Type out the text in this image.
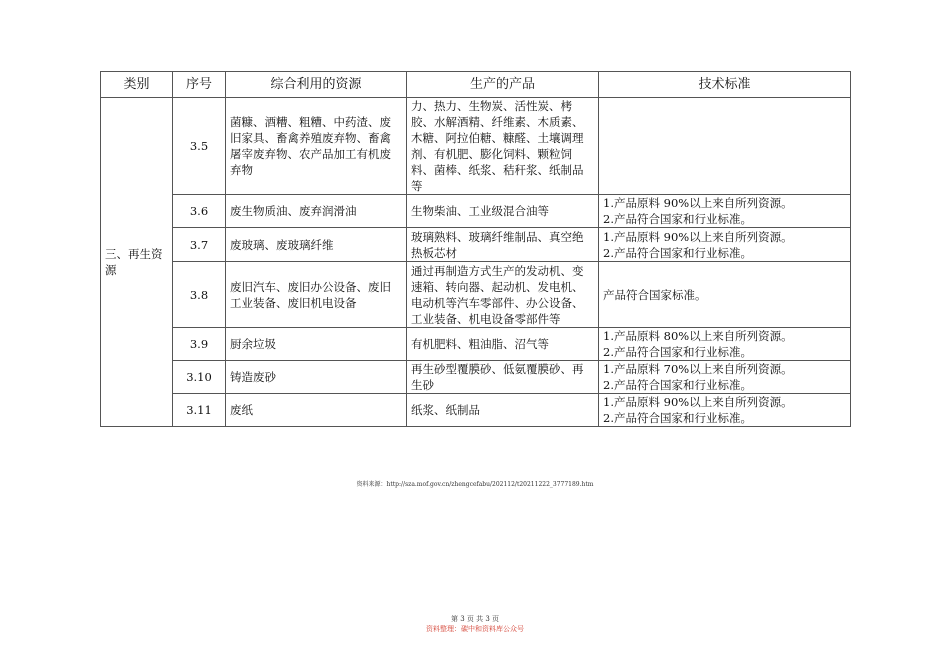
类别	序号	综合利用的资源	生产的产品	技术标准
三、再生资源	3.5	菌糠、酒糟、粗糟、中药渣、废旧家具、畜禽养殖废弃物、畜禽屠宰废弃物、农产品加工有机废弃物	力、热力、生物炭、活性炭、栲胶、水解酒精、纤维素、木质素、木糖、阿拉伯糖、糠醛、土壤调理剂、有机肥、膨化饲料、颗粒饲料、菌棒、纸浆、秸秆浆、纸制品等	
	3.6	废生物质油、废弃润滑油	生物柴油、工业级混合油等	1.产品原料 90%以上来自所列资源。
2.产品符合国家和行业标准。

	3.7	废玻璃、废玻璃纤维	玻璃熟料、玻璃纤维制品、真空绝热板芯材	1.产品原料 90%以上来自所列资源。
2.产品符合国家和行业标准。

	3.8	废旧汽车、废旧办公设备、废旧工业装备、废旧机电设备	通过再制造方式生产的发动机、变速箱、转向器、起动机、发电机、电动机等汽车零部件、办公设备、工业装备、机电设备零部件等	产品符合国家标准。

	3.9	厨余垃圾	有机肥料、粗油脂、沼气等	1.产品原料 80%以上来自所列资源。
2.产品符合国家和行业标准。

	3.10	铸造废砂	再生砂型覆膜砂、低氨覆膜砂、再生砂	1.产品原料 70%以上来自所列资源。
2.产品符合国家和行业标准。

	3.11	废纸	纸浆、纸制品	1.产品原料 90%以上来自所列资源。
2.产品符合国家和行业标准。
资料来源：http://sza.mof.gov.cn/zhengcefabu/202112/t20211222_3777189.htm
第 3 页 共 3 页
资料整理：碳中和资料库公众号
